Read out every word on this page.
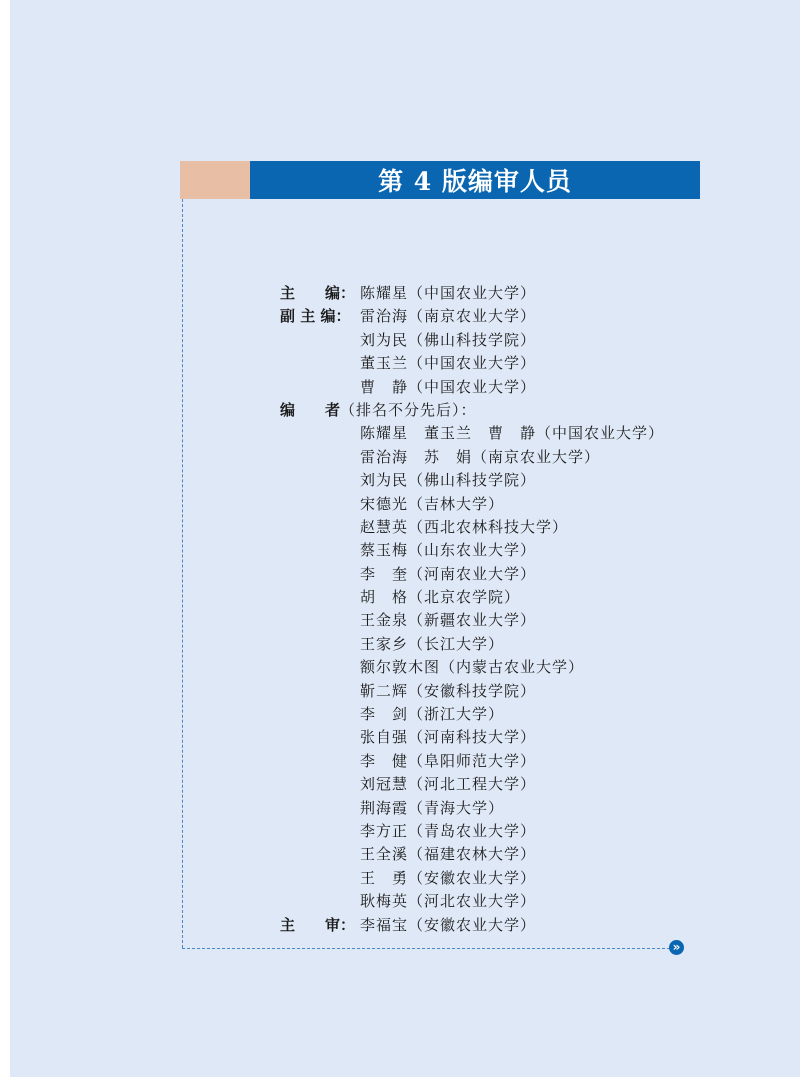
第 4 版编审人员
»
主　　编： 陈耀星（中国农业大学）
副 主 编： 雷治海（南京农业大学）
刘为民（佛山科技学院）
董玉兰（中国农业大学）
曹　静（中国农业大学）
编　　者（排名不分先后）：
陈耀星　董玉兰　曹　静（中国农业大学）
雷治海　苏　娟（南京农业大学）
刘为民（佛山科技学院）
宋德光（吉林大学）
赵慧英（西北农林科技大学）
蔡玉梅（山东农业大学）
李　奎（河南农业大学）
胡　格（北京农学院）
王金泉（新疆农业大学）
王家乡（长江大学）
额尔敦木图（内蒙古农业大学）
靳二辉（安徽科技学院）
李　剑（浙江大学）
张自强（河南科技大学）
李　健（阜阳师范大学）
刘冠慧（河北工程大学）
荆海霞（青海大学）
李方正（青岛农业大学）
王全溪（福建农林大学）
王　勇（安徽农业大学）
耿梅英（河北农业大学）
主　　审： 李福宝（安徽农业大学）
